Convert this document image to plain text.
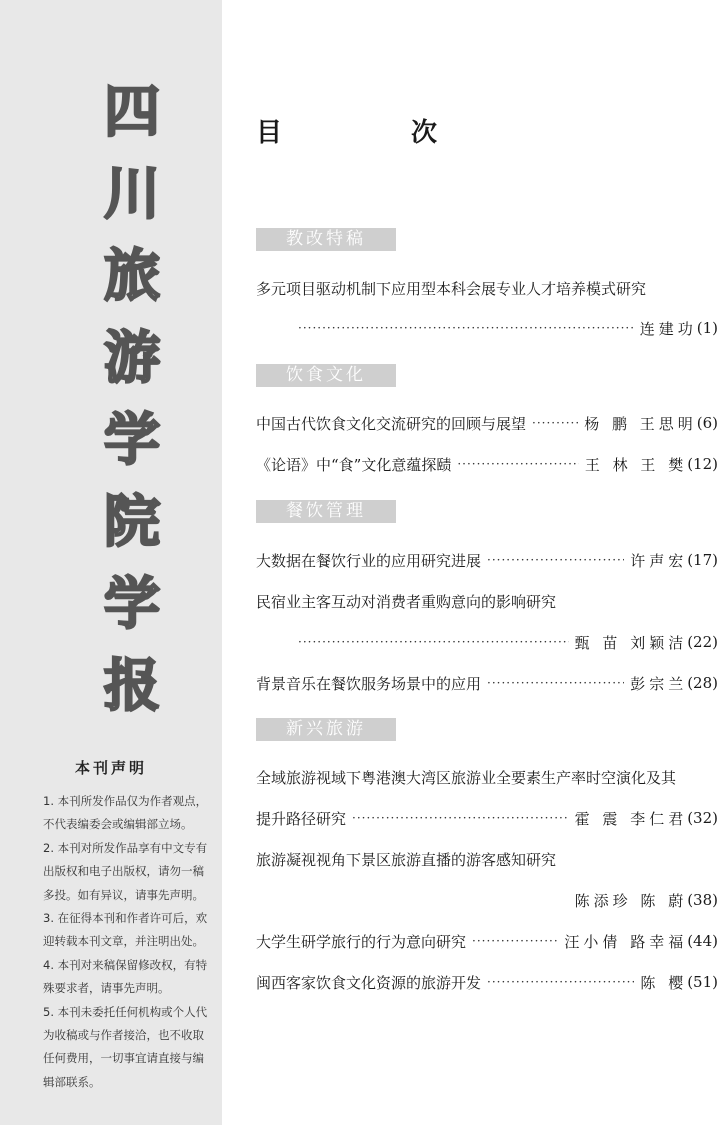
四
川
旅
游
学
院
学
报
本刊声明

1. 本刊所发作品仅为作者观点，

不代表编委会或编辑部立场。

2. 本刊对所发作品享有中文专有

出版权和电子出版权，请勿一稿

多投。如有异议，请事先声明。

3. 在征得本刊和作者许可后，欢

迎转载本刊文章，并注明出处。

4. 本刊对来稿保留修改权，有特

殊要求者，请事先声明。

5. 本刊未委托任何机构或个人代

为收稿或与作者接洽，也不收取

任何费用，一切事宜请直接与编

辑部联系。

目 次
教改特稿
多元项目驱动机制下应用型本科会展专业人才培养模式研究
·····
连建功 (1)
饮食文化
中国古代饮食文化交流研究的回顾与展望 ·····	杨 鹏 王思明 (6)
《论语》中“食”文化意蕴探赜 ·····	王 林 王 樊 (12)
餐饮管理
大数据在餐饮行业的应用研究进展 ·····	许声宏 (17)
民宿业主客互动对消费者重购意向的影响研究
·····
甄 苗 刘颖洁 (22)
背景音乐在餐饮服务场景中的应用 ·····	彭宗兰 (28)
新兴旅游
全域旅游视域下粤港澳大湾区旅游业全要素生产率时空演化及其
提升路径研究 ·····	霍 震 李仁君 (32)
旅游凝视视角下景区旅游直播的游客感知研究
陈添珍 陈 蔚 (38)
大学生研学旅行的行为意向研究 ·····	汪小倩 路幸福 (44)
闽西客家饮食文化资源的旅游开发 ·····	陈 樱 (51)
